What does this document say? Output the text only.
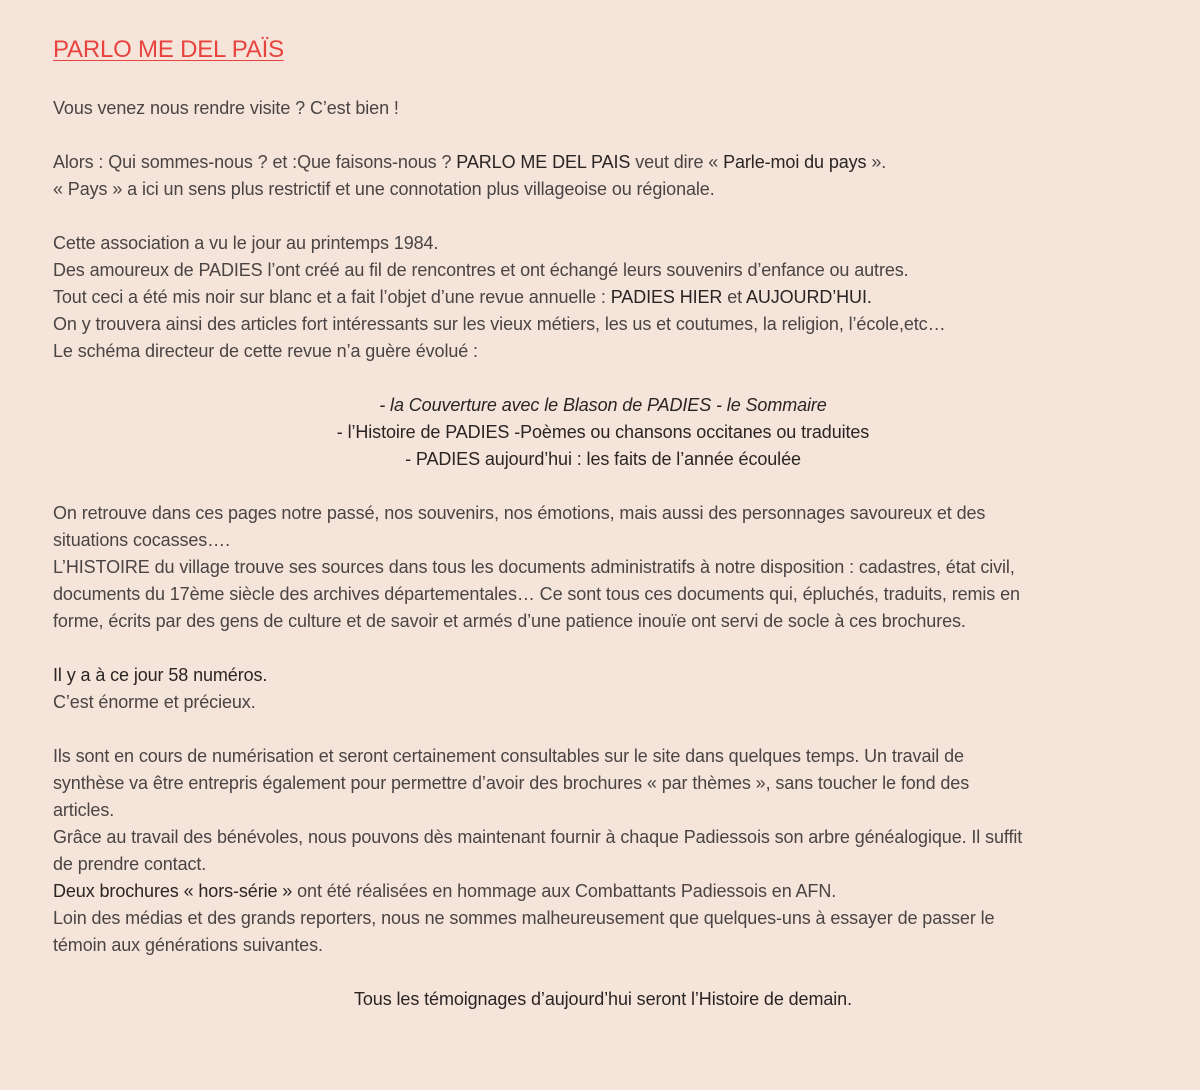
PARLO ME DEL PAÏS
Vous venez nous rendre visite ? C’est bien !
Alors : Qui sommes-nous ? et :Que faisons-nous ? PARLO ME DEL PAIS veut dire « Parle-moi du pays ».
« Pays » a ici un sens plus restrictif et une connotation plus villageoise ou régionale.
Cette association a vu le jour au printemps 1984.
Des amoureux de PADIES l’ont créé au fil de rencontres et ont échangé leurs souvenirs d’enfance ou autres.
Tout ceci a été mis noir sur blanc et a fait l’objet d’une revue annuelle : PADIES HIER et AUJOURD’HUI.
On y trouvera ainsi des articles fort intéressants sur les vieux métiers, les us et coutumes, la religion, l’école,etc…
Le schéma directeur de cette revue n’a guère évolué :
- la Couverture avec le Blason de PADIES - le Sommaire
- l’Histoire de PADIES -Poèmes ou chansons occitanes ou traduites
- PADIES aujourd’hui : les faits de l’année écoulée
On retrouve dans ces pages notre passé, nos souvenirs, nos émotions, mais aussi des personnages savoureux et des
situations cocasses….
L’HISTOIRE du village trouve ses sources dans tous les documents administratifs à notre disposition : cadastres, état civil,
documents du 17ème siècle des archives départementales… Ce sont tous ces documents qui, épluchés, traduits, remis en
forme, écrits par des gens de culture et de savoir et armés d’une patience inouïe ont servi de socle à ces brochures.
Il y a à ce jour 58 numéros.
C’est énorme et précieux.
Ils sont en cours de numérisation et seront certainement consultables sur le site dans quelques temps. Un travail de
synthèse va être entrepris également pour permettre d’avoir des brochures « par thèmes », sans toucher le fond des
articles.
Grâce au travail des bénévoles, nous pouvons dès maintenant fournir à chaque Padiessois son arbre généalogique. Il suffit
de prendre contact.
Deux brochures « hors-série » ont été réalisées en hommage aux Combattants Padiessois en AFN.
Loin des médias et des grands reporters, nous ne sommes malheureusement que quelques-uns à essayer de passer le
témoin aux générations suivantes.
Tous les témoignages d’aujourd’hui seront l’Histoire de demain.
